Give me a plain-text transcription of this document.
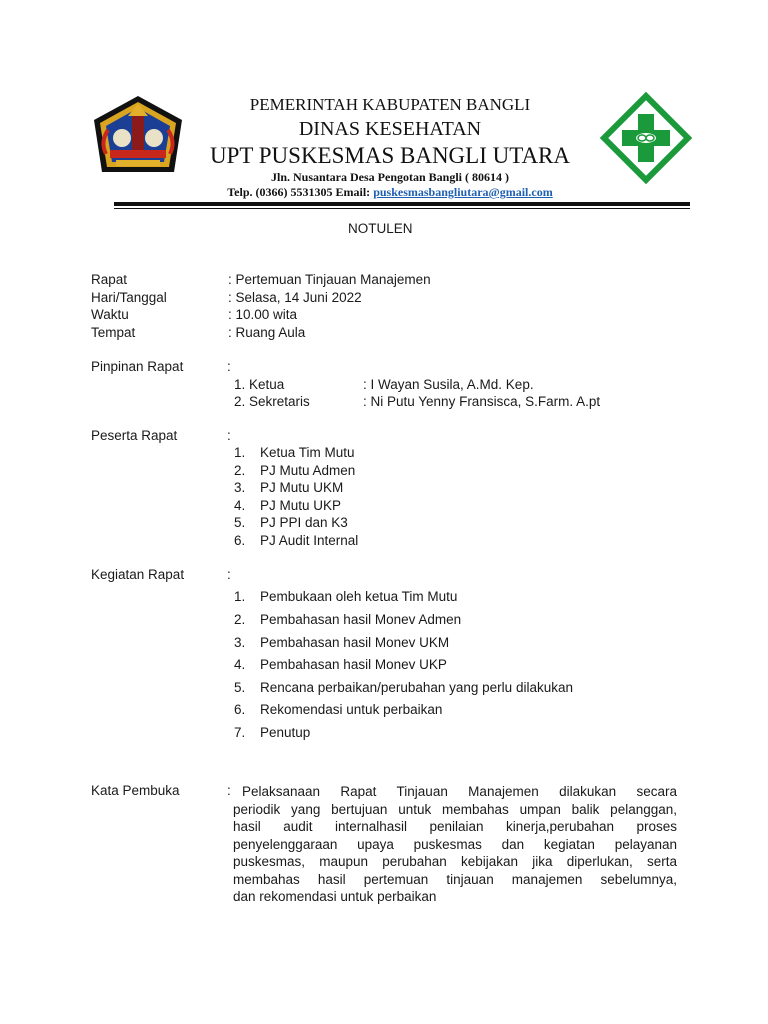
PEMERINTAH KABUPATEN BANGLI
DINAS KESEHATAN
UPT PUSKESMAS BANGLI UTARA
Jln. Nusantara Desa Pengotan Bangli ( 80614 )
Telp. (0366) 5531305 Email: puskesmasbangliutara@gmail.com
NOTULEN
Rapat	: Pertemuan Tinjauan Manajemen
Hari/Tanggal	: Selasa, 14 Juni 2022
Waktu	: 10.00 wita
Tempat	: Ruang Aula
Pinpinan Rapat	:
1. Ketua	: I Wayan Susila, A.Md. Kep.
2. Sekretaris	: Ni Putu Yenny Fransisca, S.Farm. A.pt
Peserta Rapat	:
1. Ketua Tim Mutu
2. PJ Mutu Admen
3. PJ Mutu UKM
4. PJ Mutu UKP
5. PJ PPI dan K3
6. PJ Audit Internal
Kegiatan Rapat	:
1. Pembukaan oleh ketua Tim Mutu
2. Pembahasan hasil Monev Admen
3. Pembahasan hasil Monev UKM
4. Pembahasan hasil Monev UKP
5. Rencana perbaikan/perubahan yang perlu dilakukan
6. Rekomendasi untuk perbaikan
7. Penutup
Kata Pembuka	: Pelaksanaan Rapat Tinjauan Manajemen dilakukan secara
periodik yang bertujuan untuk membahas umpan balik pelanggan,
hasil audit internalhasil penilaian kinerja,perubahan proses
penyelenggaraan upaya puskesmas dan kegiatan pelayanan
puskesmas, maupun perubahan kebijakan jika diperlukan, serta
membahas hasil pertemuan tinjauan manajemen sebelumnya,
dan rekomendasi untuk perbaikan
